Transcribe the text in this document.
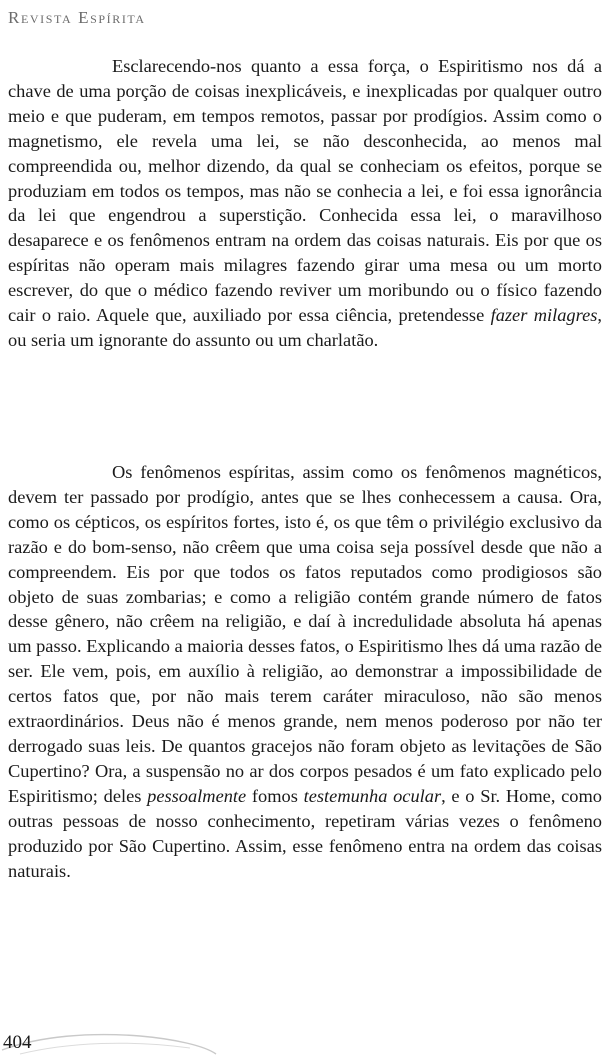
Revista Espírita

Esclarecendo-nos quanto a essa força, o Espiritismo nos dá a chave de uma porção de coisas inexplicáveis, e inexplicadas por qualquer outro meio e que puderam, em tempos remotos, passar por prodígios. Assim como o magnetismo, ele revela uma lei, se não desconhecida, ao menos mal compreendida ou, melhor dizendo, da qual se conheciam os efeitos, porque se produziam em todos os tempos, mas não se conhecia a lei, e foi essa ignorância da lei que engendrou a superstição. Conhecida essa lei, o maravilhoso desaparece e os fenômenos entram na ordem das coisas naturais. Eis por que os espíritas não operam mais milagres fazendo girar uma mesa ou um morto escrever, do que o médico fazendo reviver um moribundo ou o físico fazendo cair o raio. Aquele que, auxiliado por essa ciência, pretendesse fazer milagres, ou seria um ignorante do assunto ou um charlatão.

Os fenômenos espíritas, assim como os fenômenos magnéticos, devem ter passado por prodígio, antes que se lhes conhecessem a causa. Ora, como os cépticos, os espíritos fortes, isto é, os que têm o privilégio exclusivo da razão e do bom-senso, não crêem que uma coisa seja possível desde que não a compreendem. Eis por que todos os fatos reputados como prodigiosos são objeto de suas zombarias; e como a religião contém grande número de fatos desse gênero, não crêem na religião, e daí à incredulidade absoluta há apenas um passo. Explicando a maioria desses fatos, o Espiritismo lhes dá uma razão de ser. Ele vem, pois, em auxílio à religião, ao demonstrar a impossibilidade de certos fatos que, por não mais terem caráter miraculoso, não são menos extraordinários. Deus não é menos grande, nem menos poderoso por não ter derrogado suas leis. De quantos gracejos não foram objeto as levitações de São Cupertino? Ora, a suspensão no ar dos corpos pesados é um fato explicado pelo Espiritismo; deles pessoalmente fomos testemunha ocular, e o Sr. Home, como outras pessoas de nosso conhecimento, repetiram várias vezes o fenômeno produzido por São Cupertino. Assim, esse fenômeno entra na ordem das coisas naturais.

404
